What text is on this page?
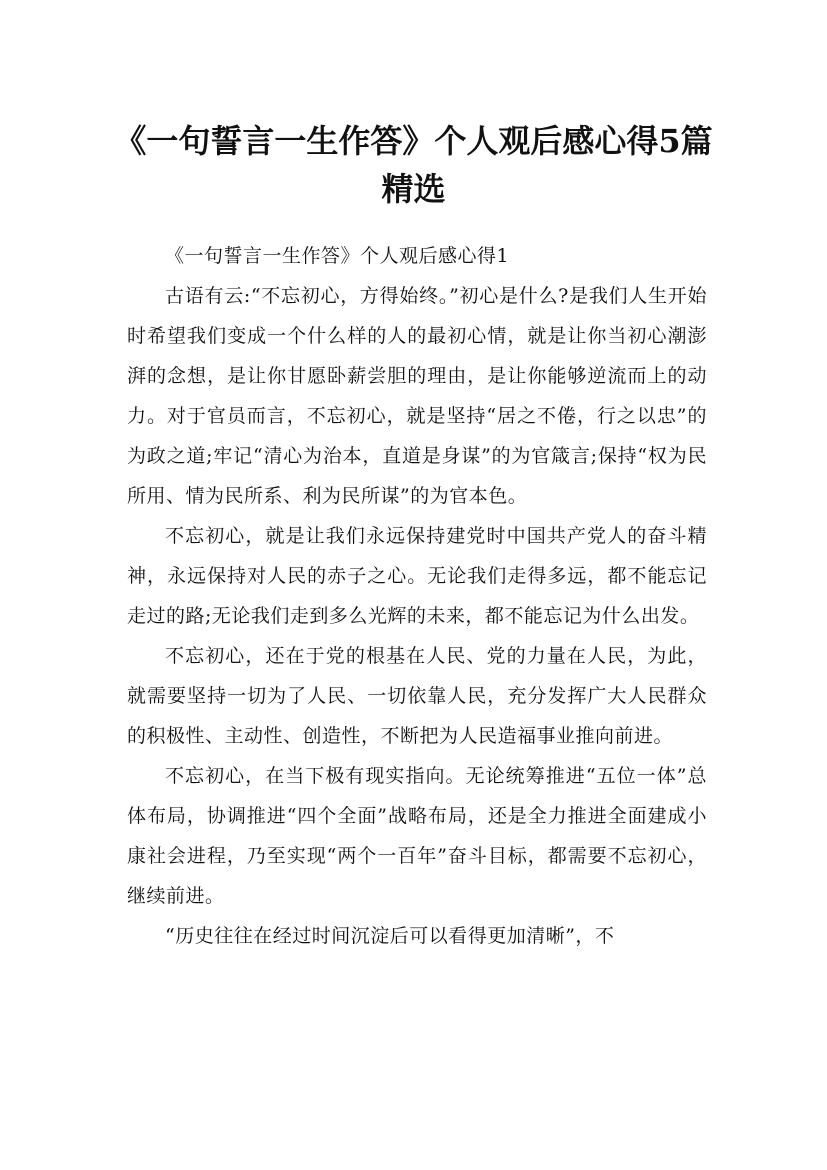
《一句誓言一生作答》个人观后感心得5篇精选

《一句誓言一生作答》个人观后感心得1

古语有云:“不忘初心，方得始终。”初心是什么?是我们人生开始时希望我们变成一个什么样的人的最初心情，就是让你当初心潮澎湃的念想，是让你甘愿卧薪尝胆的理由，是让你能够逆流而上的动力。对于官员而言，不忘初心，就是坚持“居之不倦，行之以忠”的为政之道;牢记“清心为治本，直道是身谋”的为官箴言;保持“权为民所用、情为民所系、利为民所谋”的为官本色。

不忘初心，就是让我们永远保持建党时中国共产党人的奋斗精神，永远保持对人民的赤子之心。无论我们走得多远，都不能忘记走过的路;无论我们走到多么光辉的未来，都不能忘记为什么出发。

不忘初心，还在于党的根基在人民、党的力量在人民，为此，就需要坚持一切为了人民、一切依靠人民，充分发挥广大人民群众的积极性、主动性、创造性，不断把为人民造福事业推向前进。

不忘初心，在当下极有现实指向。无论统筹推进“五位一体”总体布局，协调推进“四个全面”战略布局，还是全力推进全面建成小康社会进程，乃至实现“两个一百年”奋斗目标，都需要不忘初心，继续前进。

“历史往往在经过时间沉淀后可以看得更加清晰”，不
